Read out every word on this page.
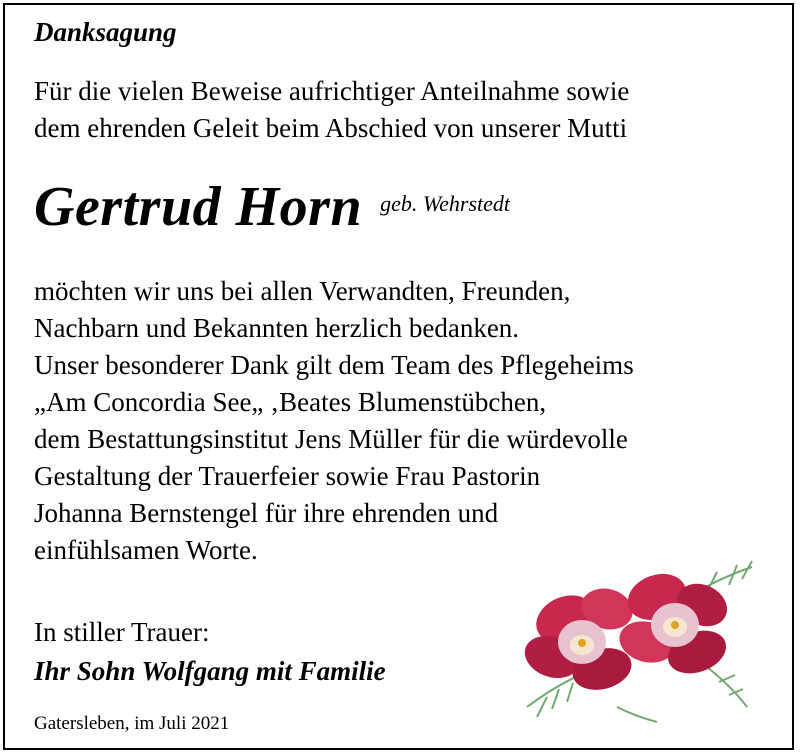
Danksagung

Für die vielen Beweise aufrichtiger Anteilnahme sowie
dem ehrenden Geleit beim Abschied von unserer Mutti

Gertrud Horn geb. Wehrstedt

möchten wir uns bei allen Verwandten, Freunden,
Nachbarn und Bekannten herzlich bedanken.
Unser besonderer Dank gilt dem Team des Pflegeheims
„Am Concordia See„ ‚Beates Blumenstübchen,
dem Bestattungsinstitut Jens Müller für die würdevolle
Gestaltung der Trauerfeier sowie Frau Pastorin
Johanna Bernstengel für ihre ehrenden und
einfühlsamen Worte.

In stiller Trauer:
Ihr Sohn Wolfgang mit Familie
Gatersleben, im Juli 2021
